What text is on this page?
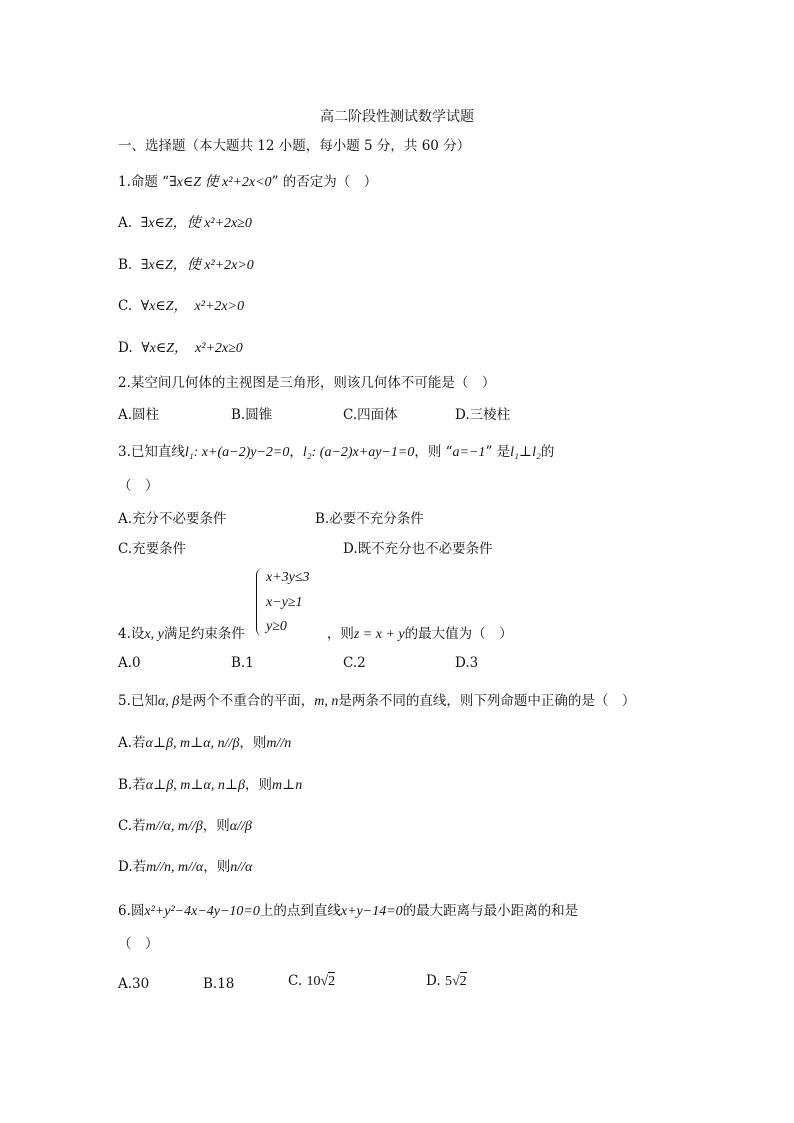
高二阶段性测试数学试题
一、选择题（本大题共 12 小题，每小题 5 分，共 60 分）
1.命题 “∃x∈Z 使 x²+2x<0” 的否定为（　）
A. ∃x∈Z，使 x²+2x≥0
B. ∃x∈Z，使 x²+2x>0
C. ∀x∈Z，　x²+2x>0
D. ∀x∈Z，　x²+2x≥0
2.某空间几何体的主视图是三角形，则该几何体不可能是（　）
A.圆柱	B.圆锥	C.四面体	D.三棱柱
3.已知直线l₁: x+(a−2)y−2=0，l₂: (a−2)x+ay−1=0，则 “a=−1” 是l₁⊥l₂的
（　）
A.充分不必要条件	B.必要不充分条件
C.充要条件	D.既不充分也不必要条件
x+3y≤3
x−y≥1
y≥0
4.设x, y满足约束条件	，则z = x + y的最大值为（　）
A.0	B.1	C.2	D.3
5.已知α, β是两个不重合的平面，m, n是两条不同的直线，则下列命题中正确的是（　）
A.若α⊥β, m⊥α, n//β，则m//n
B.若α⊥β, m⊥α, n⊥β，则m⊥n
C.若m//α, m//β，则α//β
D.若m//n, m//α，则n//α
6.圆x²+y²−4x−4y−10=0上的点到直线x+y−14=0的最大距离与最小距离的和是
（　）
A.30	B.18	C. 10√2	D. 5√2
